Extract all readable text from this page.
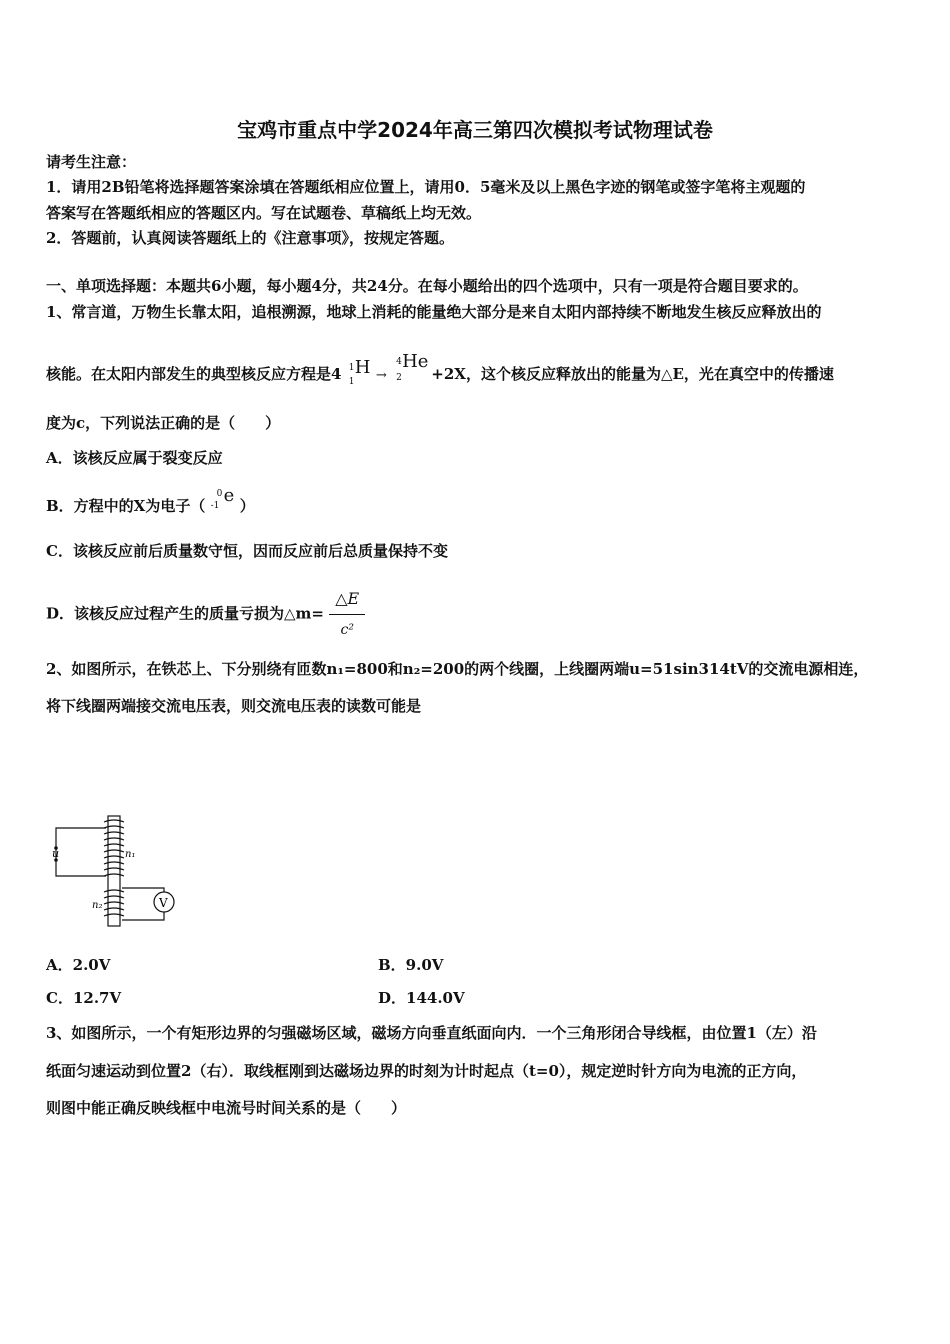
宝鸡市重点中学2024年高三第四次模拟考试物理试卷
请考生注意：
1．请用2B铅笔将选择题答案涂填在答题纸相应位置上，请用0．5毫米及以上黑色字迹的钢笔或签字笔将主观题的
答案写在答题纸相应的答题区内。写在试题卷、草稿纸上均无效。
2．答题前，认真阅读答题纸上的《注意事项》，按规定答题。
一、单项选择题：本题共6小题，每小题4分，共24分。在每小题给出的四个选项中，只有一项是符合题目要求的。
1、常言道，万物生长靠太阳，追根溯源，地球上消耗的能量绝大部分是来自太阳内部持续不断地发生核反应释放出的
核能。在太阳内部发生的典型核反应方程是4 1
1
H →
4
2
He
+2X，这个核反应释放出的能量为△E，光在真空中的传播速
度为c，下列说法正确的是（　　）
A．该核反应属于裂变反应
B．方程中的X为电子（
0
-1 e ）
C．该核反应前后质量数守恒，因而反应前后总质量保持不变
D．该核反应过程产生的质量亏损为△m= $\frac{\triangle E}{\text{c²}}$
2、如图所示，在铁芯上、下分别绕有匝数n₁=800和n₂=200的两个线圈，上线圈两端u=51sin314tV的交流电源相连，
将下线圈两端接交流电压表，则交流电压表的读数可能是
u	n₁
V
n₂
A．2.0V	B．9.0V
C．12.7V	D．144.0V
3、如图所示，一个有矩形边界的匀强磁场区域，磁场方向垂直纸面向内．一个三角形闭合导线框，由位置1（左）沿
纸面匀速运动到位置2（右）．取线框刚到达磁场边界的时刻为计时起点（t=0），规定逆时针方向为电流的正方向，
则图中能正确反映线框中电流号时间关系的是（　　）
